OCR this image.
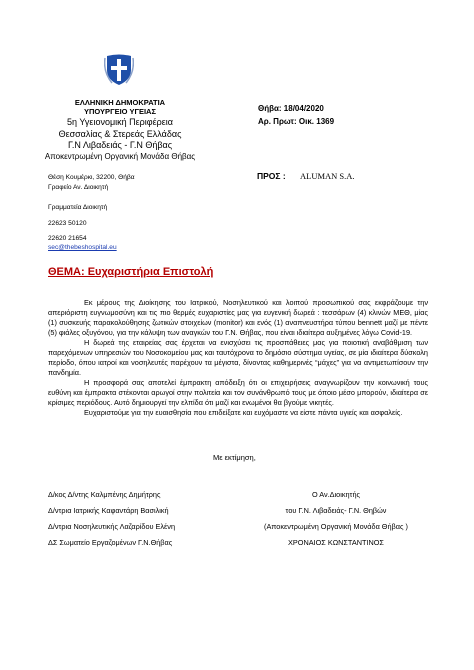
ΕΛΛΗΝΙΚΗ ΔΗΜΟΚΡΑΤΙΑ
ΥΠΟΥΡΓΕΙΟ ΥΓΕΙΑΣ
5η Υγειονομική Περιφέρεια
Θεσσαλίας & Στερεάς Ελλάδας
Γ.Ν Λιβαδειάς - Γ.Ν Θήβας
Αποκεντρωμένη Οργανική Μονάδα Θήβας
Θήβα: 18/04/2020
Αρ. Πρωτ: Οικ. 1369
Θέση Κουμέρκι, 32200, Θήβα
Γραφείο Αν. Διοικητή
Γραμματεία Διοικητή
22623 50120
22620 21654
sec@thebeshospital.eu
ΠΡΟΣ : ALUMAN S.A.
ΘΕΜΑ: Ευχαριστήρια Επιστολή

Εκ μέρους της Διοίκησης του Ιατρικού, Νοσηλευτικού και λοιπού προσωπικού σας εκφράζουμε την απεριόριστη ευγνωμοσύνη και τις πιο θερμές ευχαριστίες μας για ευγενική δωρεά : τεσσάρων (4) κλινών ΜΕΘ, μίας (1) συσκευής παρακολούθησης ζωτικών στοιχείων (monitor) και ενός (1) αναπνευστήρα τύπου bennett μαζί με πέντε (5) φιάλες οξυγόνου, για την κάλυψη των αναγκών του Γ.Ν. Θήβας, που είναι ιδιαίτερα αυξημένες λόγω Covid-19.

Η δωρεά της εταιρείας σας έρχεται να ενισχύσει τις προσπάθειες μας για ποιοτική αναβάθμιση των παρεχόμενων υπηρεσιών του Νοσοκομείου μας και ταυτόχρονα το δημόσιο σύστημα υγείας, σε μία ιδιαίτερα δύσκολη περίοδο, όπου ιατροί και νοσηλευτές παρέχουν τα μέγιστα, δίνοντας καθημερινές “μάχες” για να αντιμετωπίσουν την πανδημία.

Η προσφορά σας αποτελεί έμπρακτη απόδειξη ότι οι επιχειρήσεις αναγνωρίζουν την κοινωνική τους ευθύνη και έμπρακτα στέκονται αρωγοί στην πολιτεία και τον συνάνθρωπό τους με όποιο μέσο μπορούν, ιδιαίτερα σε κρίσιμες περιόδους. Αυτό δημιουργεί την ελπίδα ότι μαζί και ενωμένοι θα βγούμε νικητές.

Ευχαριστούμε για την ευαισθησία που επιδείξατε και ευχόμαστε να είστε πάντα υγιείς και ασφαλείς.

Με εκτίμηση,
Δ/κος Δ/ντης Καλμπένης Δημήτρης
Δ/ντρια Ιατρικής Καφαντάρη Βασιλική
Δ/ντρια Νοσηλευτικής Λαζαρίδου Ελένη
ΔΣ Σωματείο Εργαζομένων Γ.Ν.Θήβας
Ο Αν.Διοικητής
του Γ.Ν. Λιβαδειάς- Γ.Ν. Θηβών
(Αποκεντρωμένη Οργανική Μονάδα Θήβας )
ΧΡΟΝΑΙΟΣ ΚΩΝΣΤΑΝΤΙΝΟΣ
